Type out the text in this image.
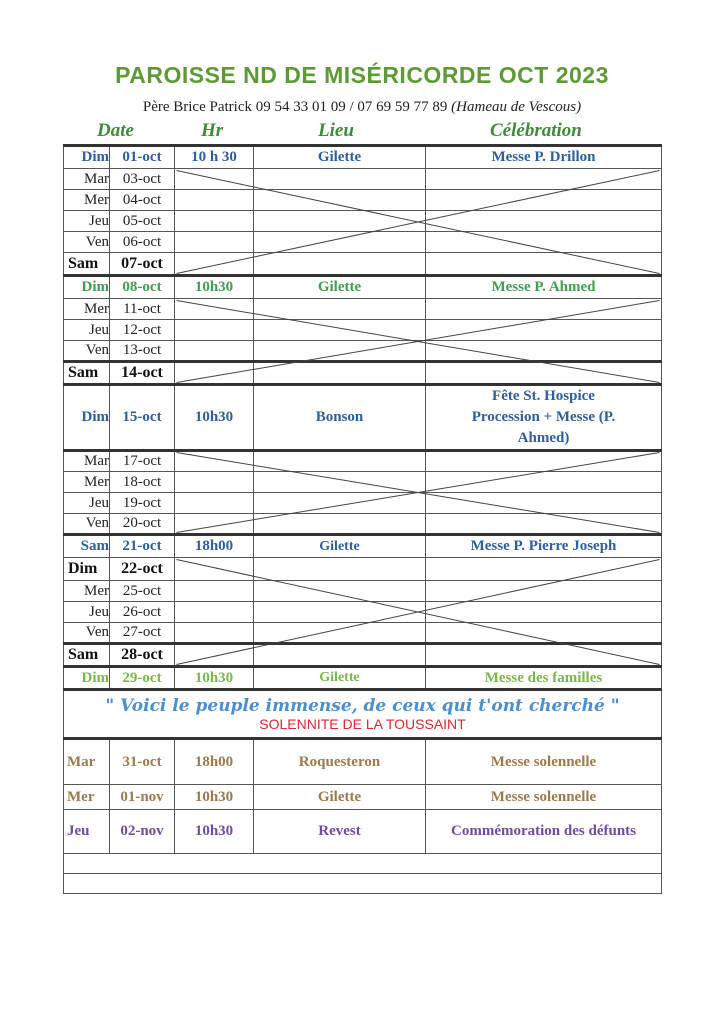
PAROISSE ND DE MISÉRICORDE OCT 2023
Père Brice Patrick 09 54 33 01 09 / 07 69 59 77 89 (Hameau de Vescous)
Date	Hr	Lieu	Célébration
Dim	01-oct	10 h 30	Gilette	Messe P. Drillon
Mar	03-oct			
Mer	04-oct			
Jeu	05-oct			
Ven	06-oct			
Sam	07-oct			
Dim	08-oct	10h30	Gilette	Messe P. Ahmed
Mer	11-oct			
Jeu	12-oct			
Ven	13-oct			
Sam	14-oct			
Dim	15-oct	10h30	Bonson	Fête St. Hospice
Procession + Messe (P.
Ahmed)

Mar	17-oct			
Mer	18-oct			
Jeu	19-oct			
Ven	20-oct			
Sam	21-oct	18h00	Gilette	Messe P. Pierre Joseph
Dim	22-oct			
Mer	25-oct			
Jeu	26-oct			
Ven	27-oct			
Sam	28-oct			
Dim	29-oct	10h30	Gilette	Messe des familles

" Voici le peuple immense, de ceux qui t'ont cherché "
SOLENNITE DE LA TOUSSAINT				

Mar	31-oct	18h00	Roquesteron	Messe solennelle
Mer	01-nov	10h30	Gilette	Messe solennelle
Jeu	02-nov	10h30	Revest	Commémoration des défunts
